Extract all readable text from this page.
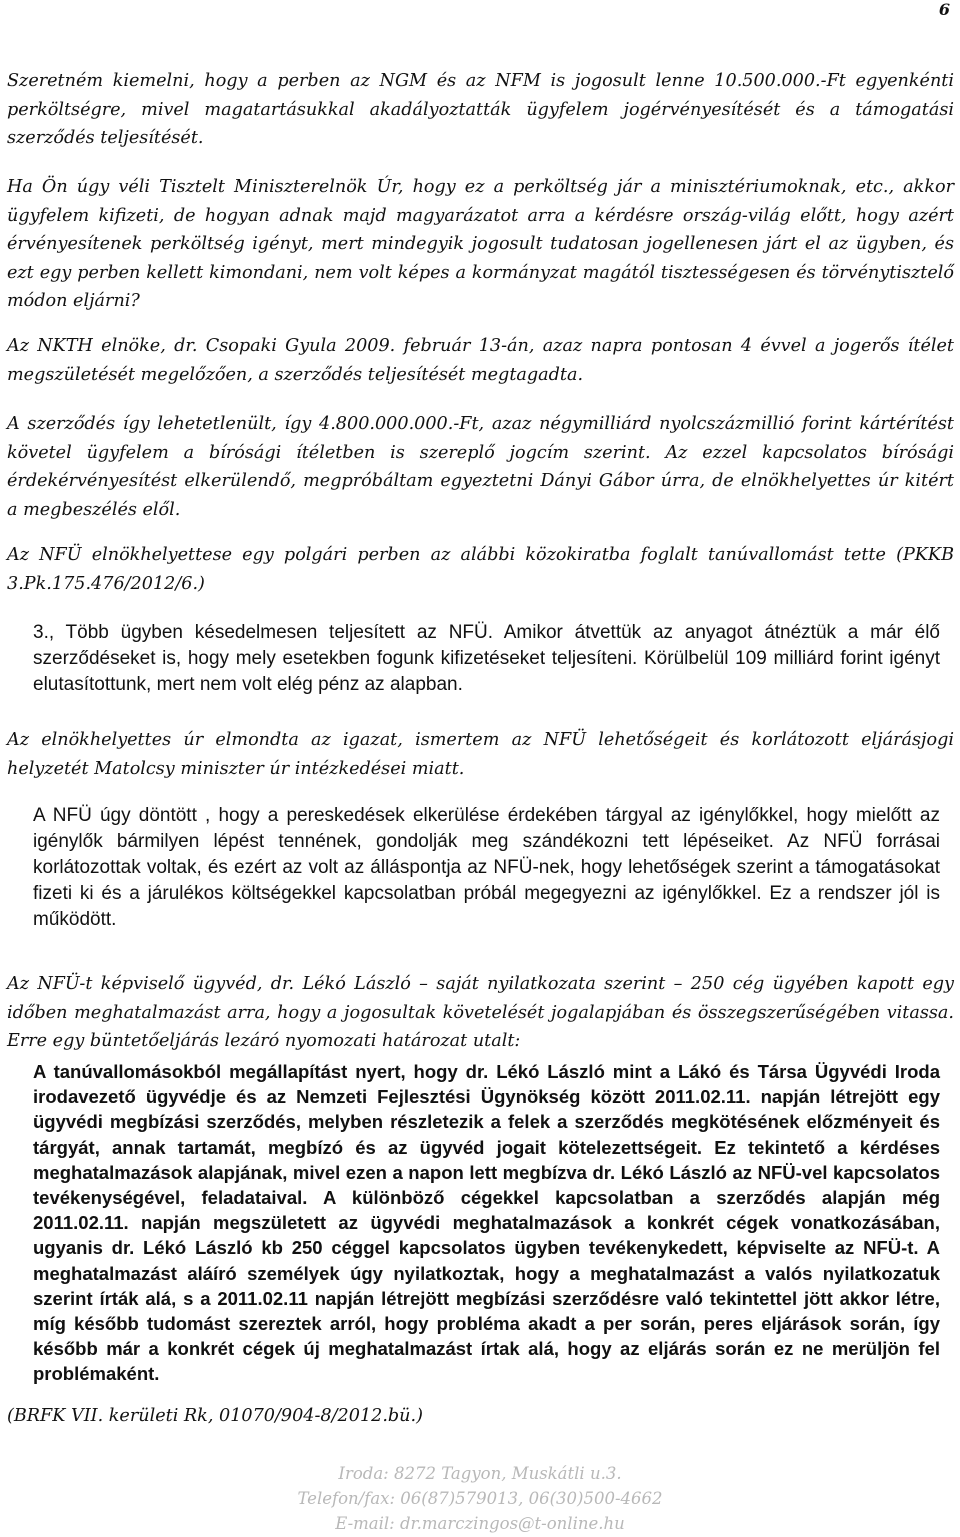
6

Szeretném kiemelni, hogy a perben az NGM és az NFM is jogosult lenne 10.500.000.-Ft egyenkénti perköltségre, mivel magatartásukkal akadályoztatták ügyfelem jogérvényesítését és a támogatási szerződés teljesítését.

Ha Ön úgy véli Tisztelt Miniszterelnök Úr, hogy ez a perköltség jár a minisztériumoknak, etc., akkor ügyfelem kifizeti, de hogyan adnak majd magyarázatot arra a kérdésre ország-világ előtt, hogy azért érvényesítenek perköltség igényt, mert mindegyik jogosult tudatosan jogellenesen járt el az ügyben, és ezt egy perben kellett kimondani, nem volt képes a kormányzat magától tisztességesen és törvénytisztelő módon eljárni?

Az NKTH elnöke, dr. Csopaki Gyula 2009. február 13-án, azaz napra pontosan 4 évvel a jogerős ítélet megszületését megelőzően, a szerződés teljesítését megtagadta.

A szerződés így lehetetlenült, így 4.800.000.000.-Ft, azaz négymilliárd nyolcszázmillió forint kártérítést követel ügyfelem a bírósági ítéletben is szereplő jogcím szerint. Az ezzel kapcsolatos bírósági érdekérvényesítést elkerülendő, megpróbáltam egyeztetni Dányi Gábor úrra, de elnökhelyettes úr kitért a megbeszélés elől.

Az NFÜ elnökhelyettese egy polgári perben az alábbi közokiratba foglalt tanúvallomást tette (PKKB 3.Pk.175.476/2012/6.)

3., Több ügyben késedelmesen teljesített az NFÜ. Amikor átvettük az anyagot átnéztük a már élő szerződéseket is, hogy mely esetekben fogunk kifizetéseket teljesíteni. Körülbelül 109 milliárd forint igényt elutasítottunk, mert nem volt elég pénz az alapban.

Az elnökhelyettes úr elmondta az igazat, ismertem az NFÜ lehetőségeit és korlátozott eljárásjogi helyzetét Matolcsy miniszter úr intézkedései miatt.

A NFÜ úgy döntött , hogy a pereskedések elkerülése érdekében tárgyal az igénylőkkel, hogy mielőtt az igénylők bármilyen lépést tennének, gondolják meg szándékozni tett lépéseiket. Az NFÜ forrásai korlátozottak voltak, és ezért az volt az álláspontja az NFÜ-nek, hogy lehetőségek szerint a támogatásokat fizeti ki és a járulékos költségekkel kapcsolatban próbál megegyezni az igénylőkkel. Ez a rendszer jól is működött.

Az NFÜ-t képviselő ügyvéd, dr. Lékó László – saját nyilatkozata szerint – 250 cég ügyében kapott egy időben meghatalmazást arra, hogy a jogosultak követelését jogalapjában és összegszerűségében vitassa. Erre egy büntetőeljárás lezáró nyomozati határozat utalt:

A tanúvallomásokból megállapítást nyert, hogy dr. Lékó László mint a Lákó és Társa Ügyvédi Iroda irodavezető ügyvédje és az Nemzeti Fejlesztési Ügynökség között 2011.02.11. napján létrejött egy ügyvédi megbízási szerződés, melyben részletezik a felek a szerződés megkötésének előzményeit és tárgyát, annak tartamát, megbízó és az ügyvéd jogait kötelezettségeit. Ez tekintető a kérdéses meghatalmazások alapjának, mivel ezen a napon lett megbízva dr. Lékó László az NFÜ-vel kapcsolatos tevékenységével, feladataival. A különböző cégekkel kapcsolatban a szerződés alapján még 2011.02.11. napján megszületett az ügyvédi meghatalmazások a konkrét cégek vonatkozásában, ugyanis dr. Lékó László kb 250 céggel kapcsolatos ügyben tevékenykedett, képviselte az NFÜ-t. A meghatalmazást aláíró személyek úgy nyilatkoztak, hogy a meghatalmazást a valós nyilatkozatuk szerint írták alá, s a 2011.02.11 napján létrejött megbízási szerződésre való tekintettel jött akkor létre, míg később tudomást szereztek arról, hogy probléma akadt a per során, peres eljárások során, így később már a konkrét cégek új meghatalmazást írtak alá, hogy az eljárás során ez ne merüljön fel problémaként.

(BRFK VII. kerületi Rk, 01070/904-8/2012.bü.)

Iroda: 8272 Tagyon, Muskátli u.3.
Telefon/fax: 06(87)579013, 06(30)500-4662
E-mail: dr.marczingos@t-online.hu
